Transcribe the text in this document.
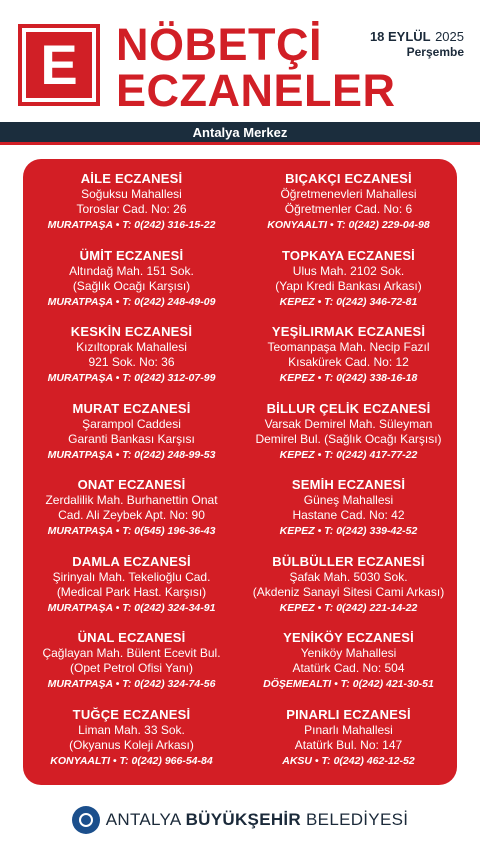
E NÖBETÇİ
ECZANELER
18 EYLÜL 2025
Perşembe
Antalya Merkez
AİLE ECZANESİ
Soğuksu Mahallesi
Toroslar Cad. No: 26
MURATPAŞA • T: 0(242) 316-15-22
ÜMİT ECZANESİ
Altındağ Mah. 151 Sok.
(Sağlık Ocağı Karşısı)
MURATPAŞA • T: 0(242) 248-49-09
KESKİN ECZANESİ
Kızıltoprak Mahallesi
921 Sok. No: 36
MURATPAŞA • T: 0(242) 312-07-99
MURAT ECZANESİ
Şarampol Caddesi
Garanti Bankası Karşısı
MURATPAŞA • T: 0(242) 248-99-53
ONAT ECZANESİ
Zerdalilik Mah. Burhanettin Onat
Cad. Ali Zeybek Apt. No: 90
MURATPAŞA • T: 0(545) 196-36-43
DAMLA ECZANESİ
Şirinyalı Mah. Tekelioğlu Cad.
(Medical Park Hast. Karşısı)
MURATPAŞA • T: 0(242) 324-34-91
ÜNAL ECZANESİ
Çağlayan Mah. Bülent Ecevit Bul.
(Opet Petrol Ofisi Yanı)
MURATPAŞA • T: 0(242) 324-74-56
TUĞÇE ECZANESİ
Liman Mah. 33 Sok.
(Okyanus Koleji Arkası)
KONYAALTI • T: 0(242) 966-54-84
BIÇAKÇI ECZANESİ
Öğretmenevleri Mahallesi
Öğretmenler Cad. No: 6
KONYAALTI • T: 0(242) 229-04-98
TOPKAYA ECZANESİ
Ulus Mah. 2102 Sok.
(Yapı Kredi Bankası Arkası)
KEPEZ • T: 0(242) 346-72-81
YEŞİLIRMAK ECZANESİ
Teomanpaşa Mah. Necip Fazıl
Kısakürek Cad. No: 12
KEPEZ • T: 0(242) 338-16-18
BİLLUR ÇELİK ECZANESİ
Varsak Demirel Mah. Süleyman
Demirel Bul. (Sağlık Ocağı Karşısı)
KEPEZ • T: 0(242) 417-77-22
SEMİH ECZANESİ
Güneş Mahallesi
Hastane Cad. No: 42
KEPEZ • T: 0(242) 339-42-52
BÜLBÜLLER ECZANESİ
Şafak Mah. 5030 Sok.
(Akdeniz Sanayi Sitesi Cami Arkası)
KEPEZ • T: 0(242) 221-14-22
YENİKÖY ECZANESİ
Yeniköy Mahallesi
Atatürk Cad. No: 504
DÖŞEMEALTI • T: 0(242) 421-30-51
PINARLI ECZANESİ
Pınarlı Mahallesi
Atatürk Bul. No: 147
AKSU • T: 0(242) 462-12-52
ANTALYA BÜYÜKŞEHİR BELEDİYESİ
